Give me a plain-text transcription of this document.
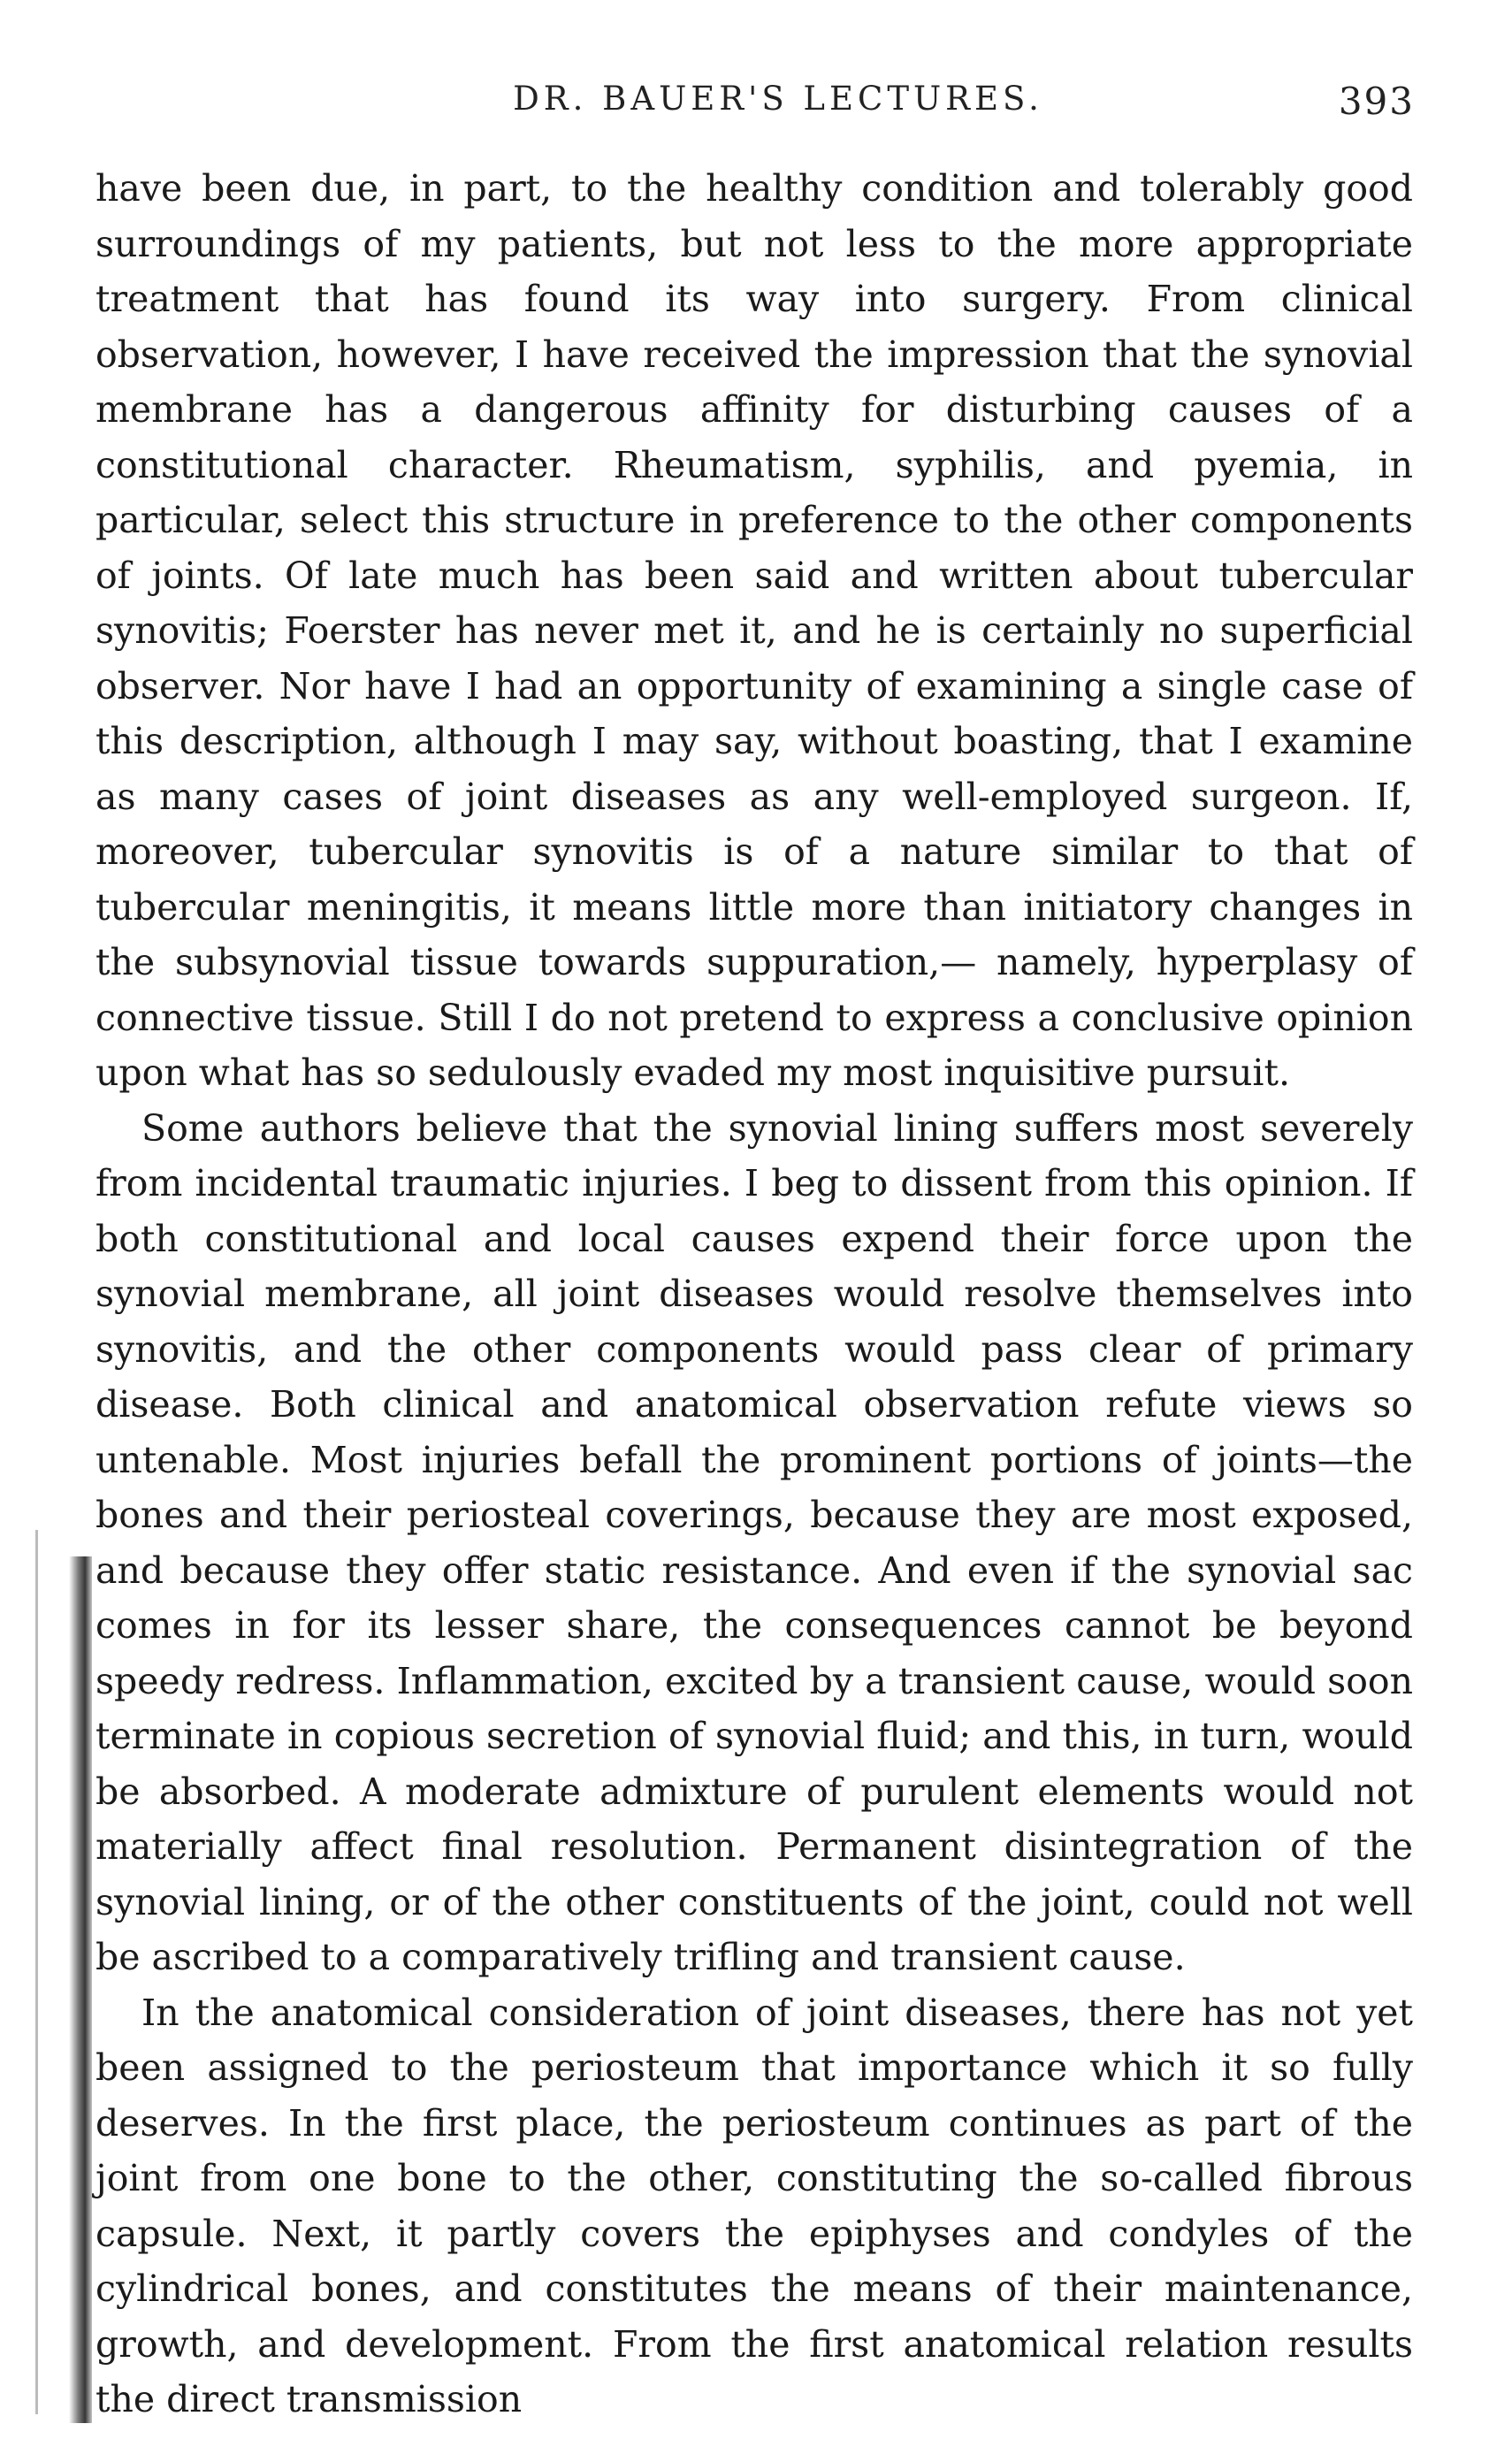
DR. BAUER'S LECTURES.	393

have been due, in part, to the healthy condition and tolerably good surroundings of my patients, but not less to the more appropriate treatment that has found its way into surgery. From clinical observation, however, I have received the impression that the synovial membrane has a dangerous affinity for disturbing causes of a constitutional character. Rheumatism, syphilis, and pyemia, in particular, select this structure in preference to the other components of joints. Of late much has been said and written about tubercular synovitis; Foerster has never met it, and he is certainly no superficial observer. Nor have I had an opportunity of examining a single case of this description, although I may say, without boasting, that I examine as many cases of joint diseases as any well-employed surgeon. If, moreover, tubercular synovitis is of a nature similar to that of tubercular meningitis, it means little more than initiatory changes in the subsynovial tissue towards suppuration,— namely, hyperplasy of connective tissue. Still I do not pretend to express a conclusive opinion upon what has so sedulously evaded my most inquisitive pursuit.

Some authors believe that the synovial lining suffers most severely from incidental traumatic injuries. I beg to dissent from this opinion. If both constitutional and local causes expend their force upon the synovial membrane, all joint diseases would resolve themselves into synovitis, and the other components would pass clear of primary disease. Both clinical and anatomical observation refute views so untenable. Most injuries befall the prominent portions of joints—the bones and their periosteal coverings, because they are most exposed, and because they offer static resistance. And even if the synovial sac comes in for its lesser share, the consequences cannot be beyond speedy redress. Inflammation, excited by a transient cause, would soon terminate in copious secretion of synovial fluid; and this, in turn, would be absorbed. A moderate admixture of purulent elements would not materially affect final resolution. Permanent disintegration of the synovial lining, or of the other constituents of the joint, could not well be ascribed to a comparatively trifling and transient cause.

In the anatomical consideration of joint diseases, there has not yet been assigned to the periosteum that importance which it so fully deserves. In the first place, the periosteum continues as part of the joint from one bone to the other, constituting the so-called fibrous capsule. Next, it partly covers the epiphyses and condyles of the cylindrical bones, and constitutes the means of their maintenance, growth, and development. From the first anatomical relation results the direct transmission
